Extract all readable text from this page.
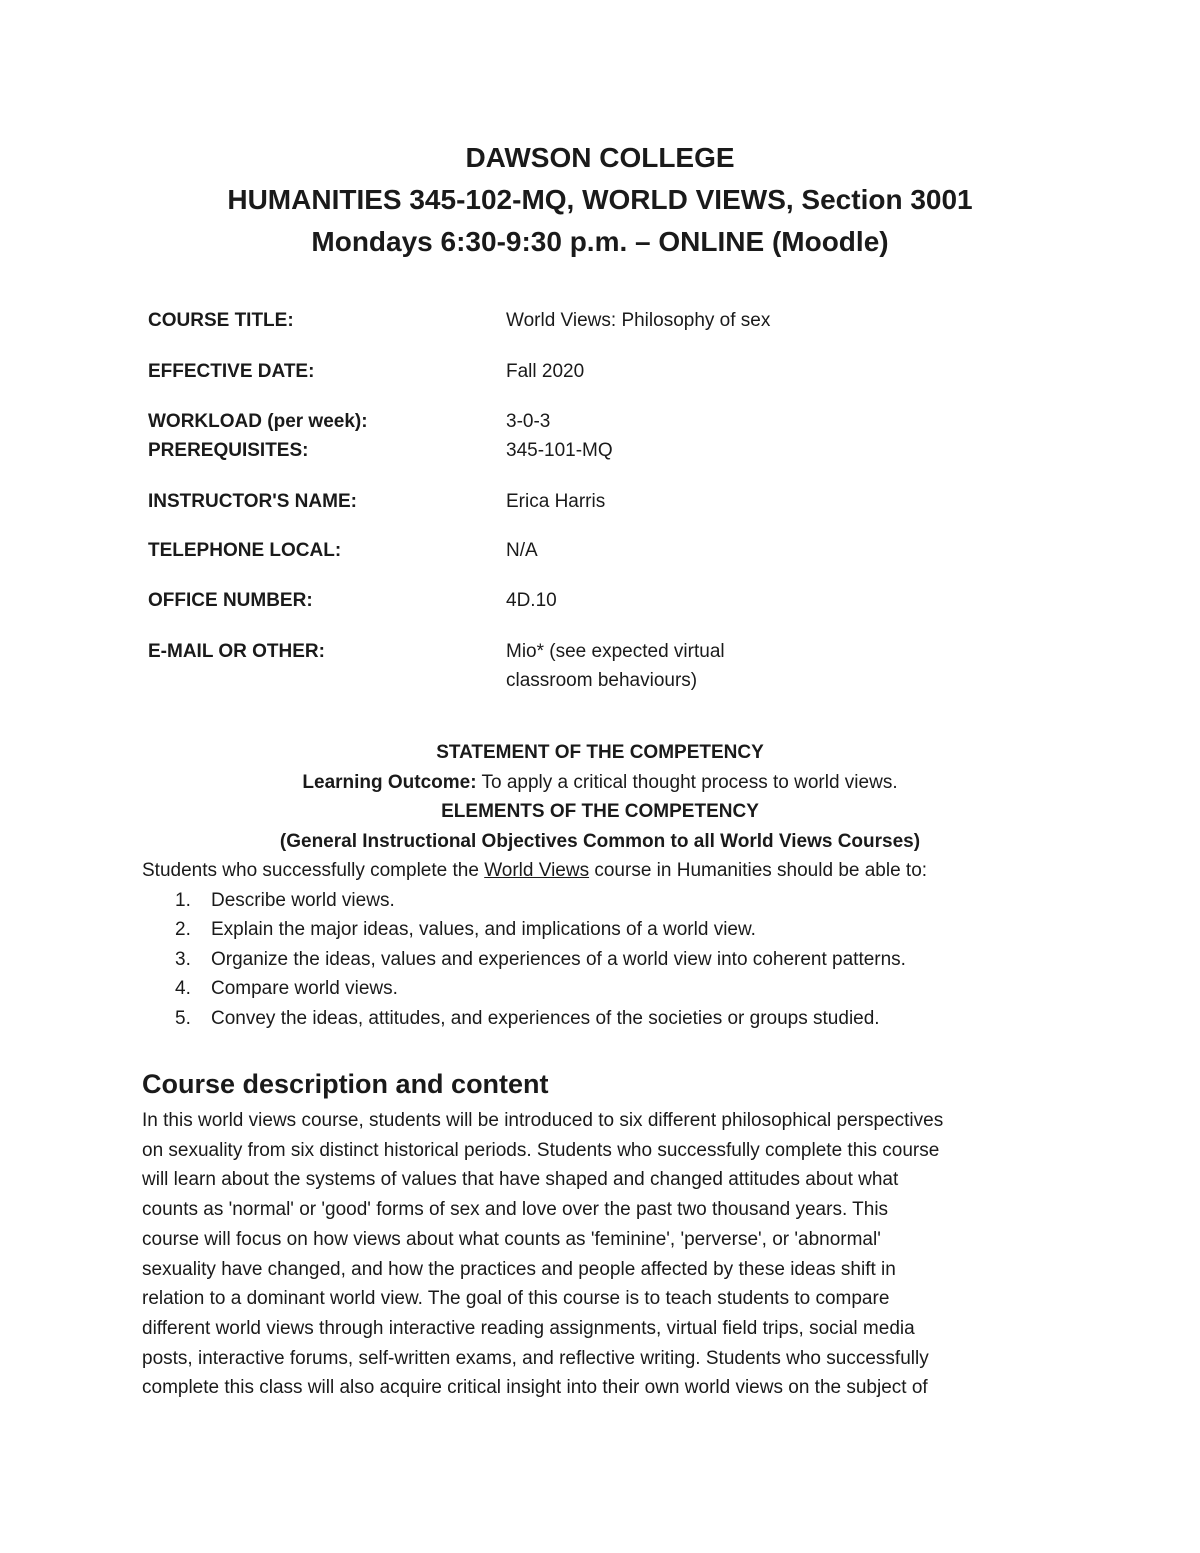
DAWSON COLLEGE
HUMANITIES 345-102-MQ, WORLD VIEWS, Section 3001
Mondays 6:30-9:30 p.m. – ONLINE (Moodle)
COURSE TITLE:	World Views: Philosophy of sex
EFFECTIVE DATE:	Fall 2020
WORKLOAD (per week):	3-0-3
PREREQUISITES:	345-101-MQ
INSTRUCTOR'S NAME:	Erica Harris
TELEPHONE LOCAL:	N/A
OFFICE NUMBER:	4D.10
E-MAIL OR OTHER:	Mio* (see expected virtual
classroom behaviours)
STATEMENT OF THE COMPETENCY
Learning Outcome: To apply a critical thought process to world views.
ELEMENTS OF THE COMPETENCY
(General Instructional Objectives Common to all World Views Courses)
Students who successfully complete the World Views course in Humanities should be able to:
1. Describe world views.
2. Explain the major ideas, values, and implications of a world view.
3. Organize the ideas, values and experiences of a world view into coherent patterns.
4. Compare world views.
5. Convey the ideas, attitudes, and experiences of the societies or groups studied.
Course description and content
In this world views course, students will be introduced to six different philosophical perspectives
on sexuality from six distinct historical periods. Students who successfully complete this course
will learn about the systems of values that have shaped and changed attitudes about what
counts as 'normal' or 'good' forms of sex and love over the past two thousand years. This
course will focus on how views about what counts as 'feminine', 'perverse', or 'abnormal'
sexuality have changed, and how the practices and people affected by these ideas shift in
relation to a dominant world view. The goal of this course is to teach students to compare
different world views through interactive reading assignments, virtual field trips, social media
posts, interactive forums, self-written exams, and reflective writing. Students who successfully
complete this class will also acquire critical insight into their own world views on the subject of
